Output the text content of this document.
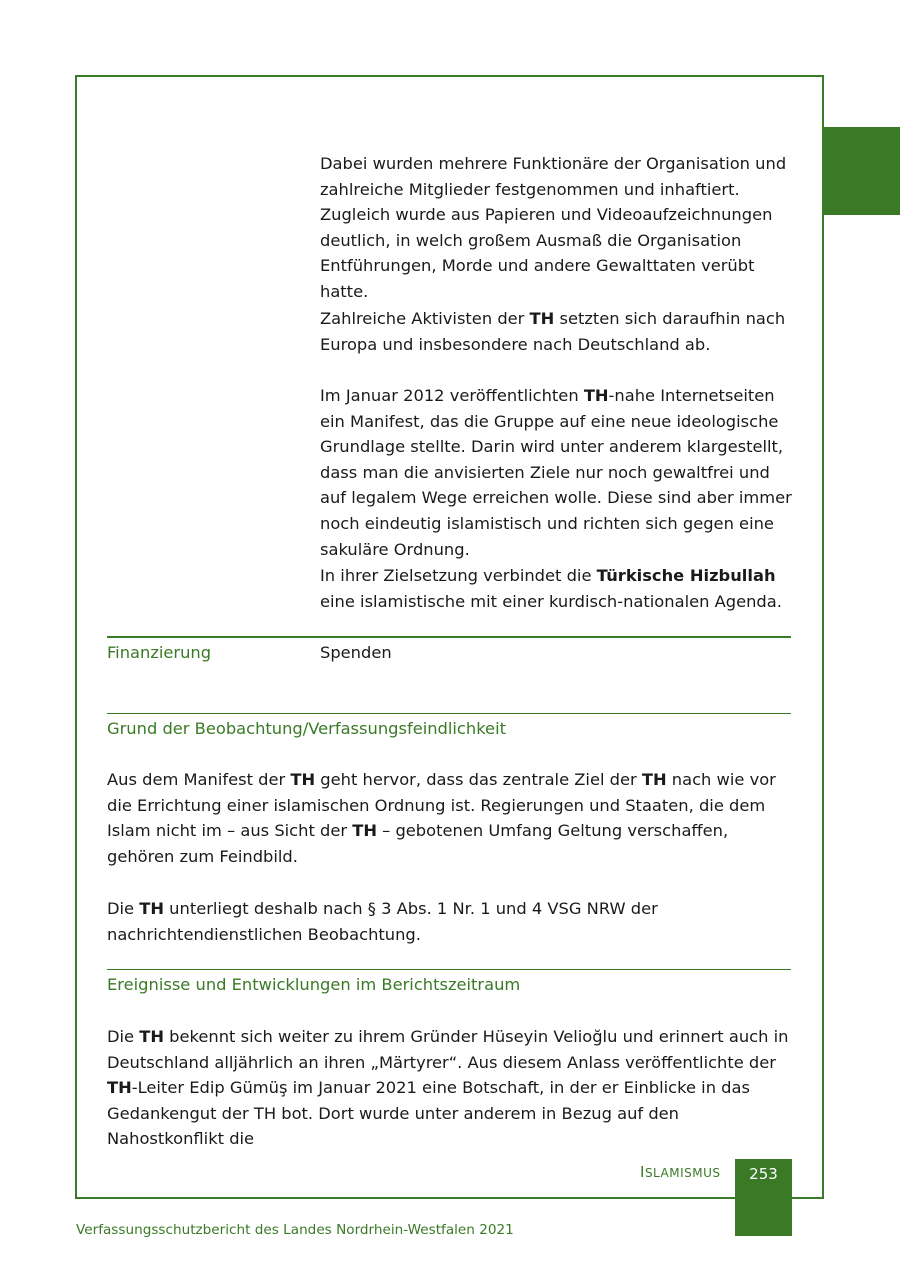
Dabei wurden mehrere Funktionäre der Organisation und zahlreiche Mitglieder festgenommen und inhaftiert. Zugleich wurde aus Papieren und Videoaufzeichnungen deutlich, in welch großem Ausmaß die Organisation Entführungen, Morde und andere Gewalttaten verübt hatte.

Zahlreiche Aktivisten der TH setzten sich daraufhin nach Europa und insbesondere nach Deutschland ab.

Im Januar 2012 veröffentlichten TH-nahe Internetseiten ein Manifest, das die Gruppe auf eine neue ideologische Grundlage stellte. Darin wird unter anderem klargestellt, dass man die anvisierten Ziele nur noch gewaltfrei und auf legalem Wege erreichen wolle. Diese sind aber immer noch eindeutig islamistisch und richten sich gegen eine sakuläre Ordnung.

In ihrer Zielsetzung verbindet die Türkische Hizbullah eine islamistische mit einer kurdisch-nationalen Agenda.

Finanzierung	Spenden
Grund der Beobachtung/Verfassungsfeindlichkeit
Aus dem Manifest der TH geht hervor, dass das zentrale Ziel der TH nach wie vor die Errichtung einer islamischen Ordnung ist. Regierungen und Staaten, die dem Islam nicht im – aus Sicht der TH – gebotenen Umfang Geltung verschaffen, gehören zum Feindbild.
Die TH unterliegt deshalb nach § 3 Abs. 1 Nr. 1 und 4 VSG NRW der nachrichtendienstlichen Beobachtung.
Ereignisse und Entwicklungen im Berichtszeitraum
Die TH bekennt sich weiter zu ihrem Gründer Hüseyin Velioğlu und erinnert auch in Deutschland alljährlich an ihren „Märtyrer“. Aus diesem Anlass veröffentlichte der TH-Leiter Edip Gümüş im Januar 2021 eine Botschaft, in der er Einblicke in das Gedankengut der TH bot. Dort wurde unter anderem in Bezug auf den Nahostkonflikt die
ISLAMISMUS	253
Verfassungsschutzbericht des Landes Nordrhein-Westfalen 2021
